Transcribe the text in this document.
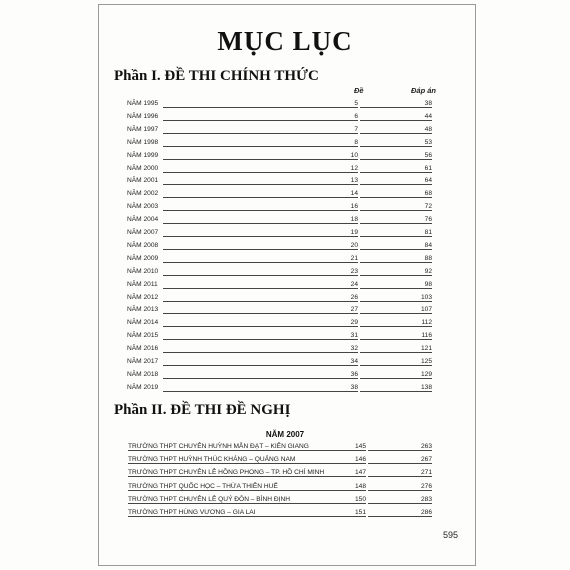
MỤC LỤC
Phần I. ĐỀ THI CHÍNH THỨC
Đề	Đáp án
NĂM 1995	5	38
NĂM 1996	6	44
NĂM 1997	7	48
NĂM 1998	8	53
NĂM 1999	10	56
NĂM 2000	12	61
NĂM 2001	13	64
NĂM 2002	14	68
NĂM 2003	16	72
NĂM 2004	18	76
NĂM 2007	19	81
NĂM 2008	20	84
NĂM 2009	21	88
NĂM 2010	23	92
NĂM 2011	24	98
NĂM 2012	26	103
NĂM 2013	27	107
NĂM 2014	29	112
NĂM 2015	31	116
NĂM 2016	32	121
NĂM 2017	34	125
NĂM 2018	36	129
NĂM 2019	38	138
Phần II. ĐỀ THI ĐỀ NGHỊ
NĂM 2007
TRƯỜNG THPT CHUYÊN HUỲNH MẪN ĐẠT – KIÊN GIANG	145	263
TRƯỜNG THPT HUỲNH THÚC KHÁNG – QUẢNG NAM	146	267
TRƯỜNG THPT CHUYÊN LÊ HỒNG PHONG – TP. HỒ CHÍ MINH	147	271
TRƯỜNG THPT QUỐC HỌC – THỪA THIÊN HUẾ	148	276
TRƯỜNG THPT CHUYÊN LÊ QUÝ ĐÔN – BÌNH ĐỊNH	150	283
TRƯỜNG THPT HÙNG VƯƠNG – GIA LAI	151	286
595
